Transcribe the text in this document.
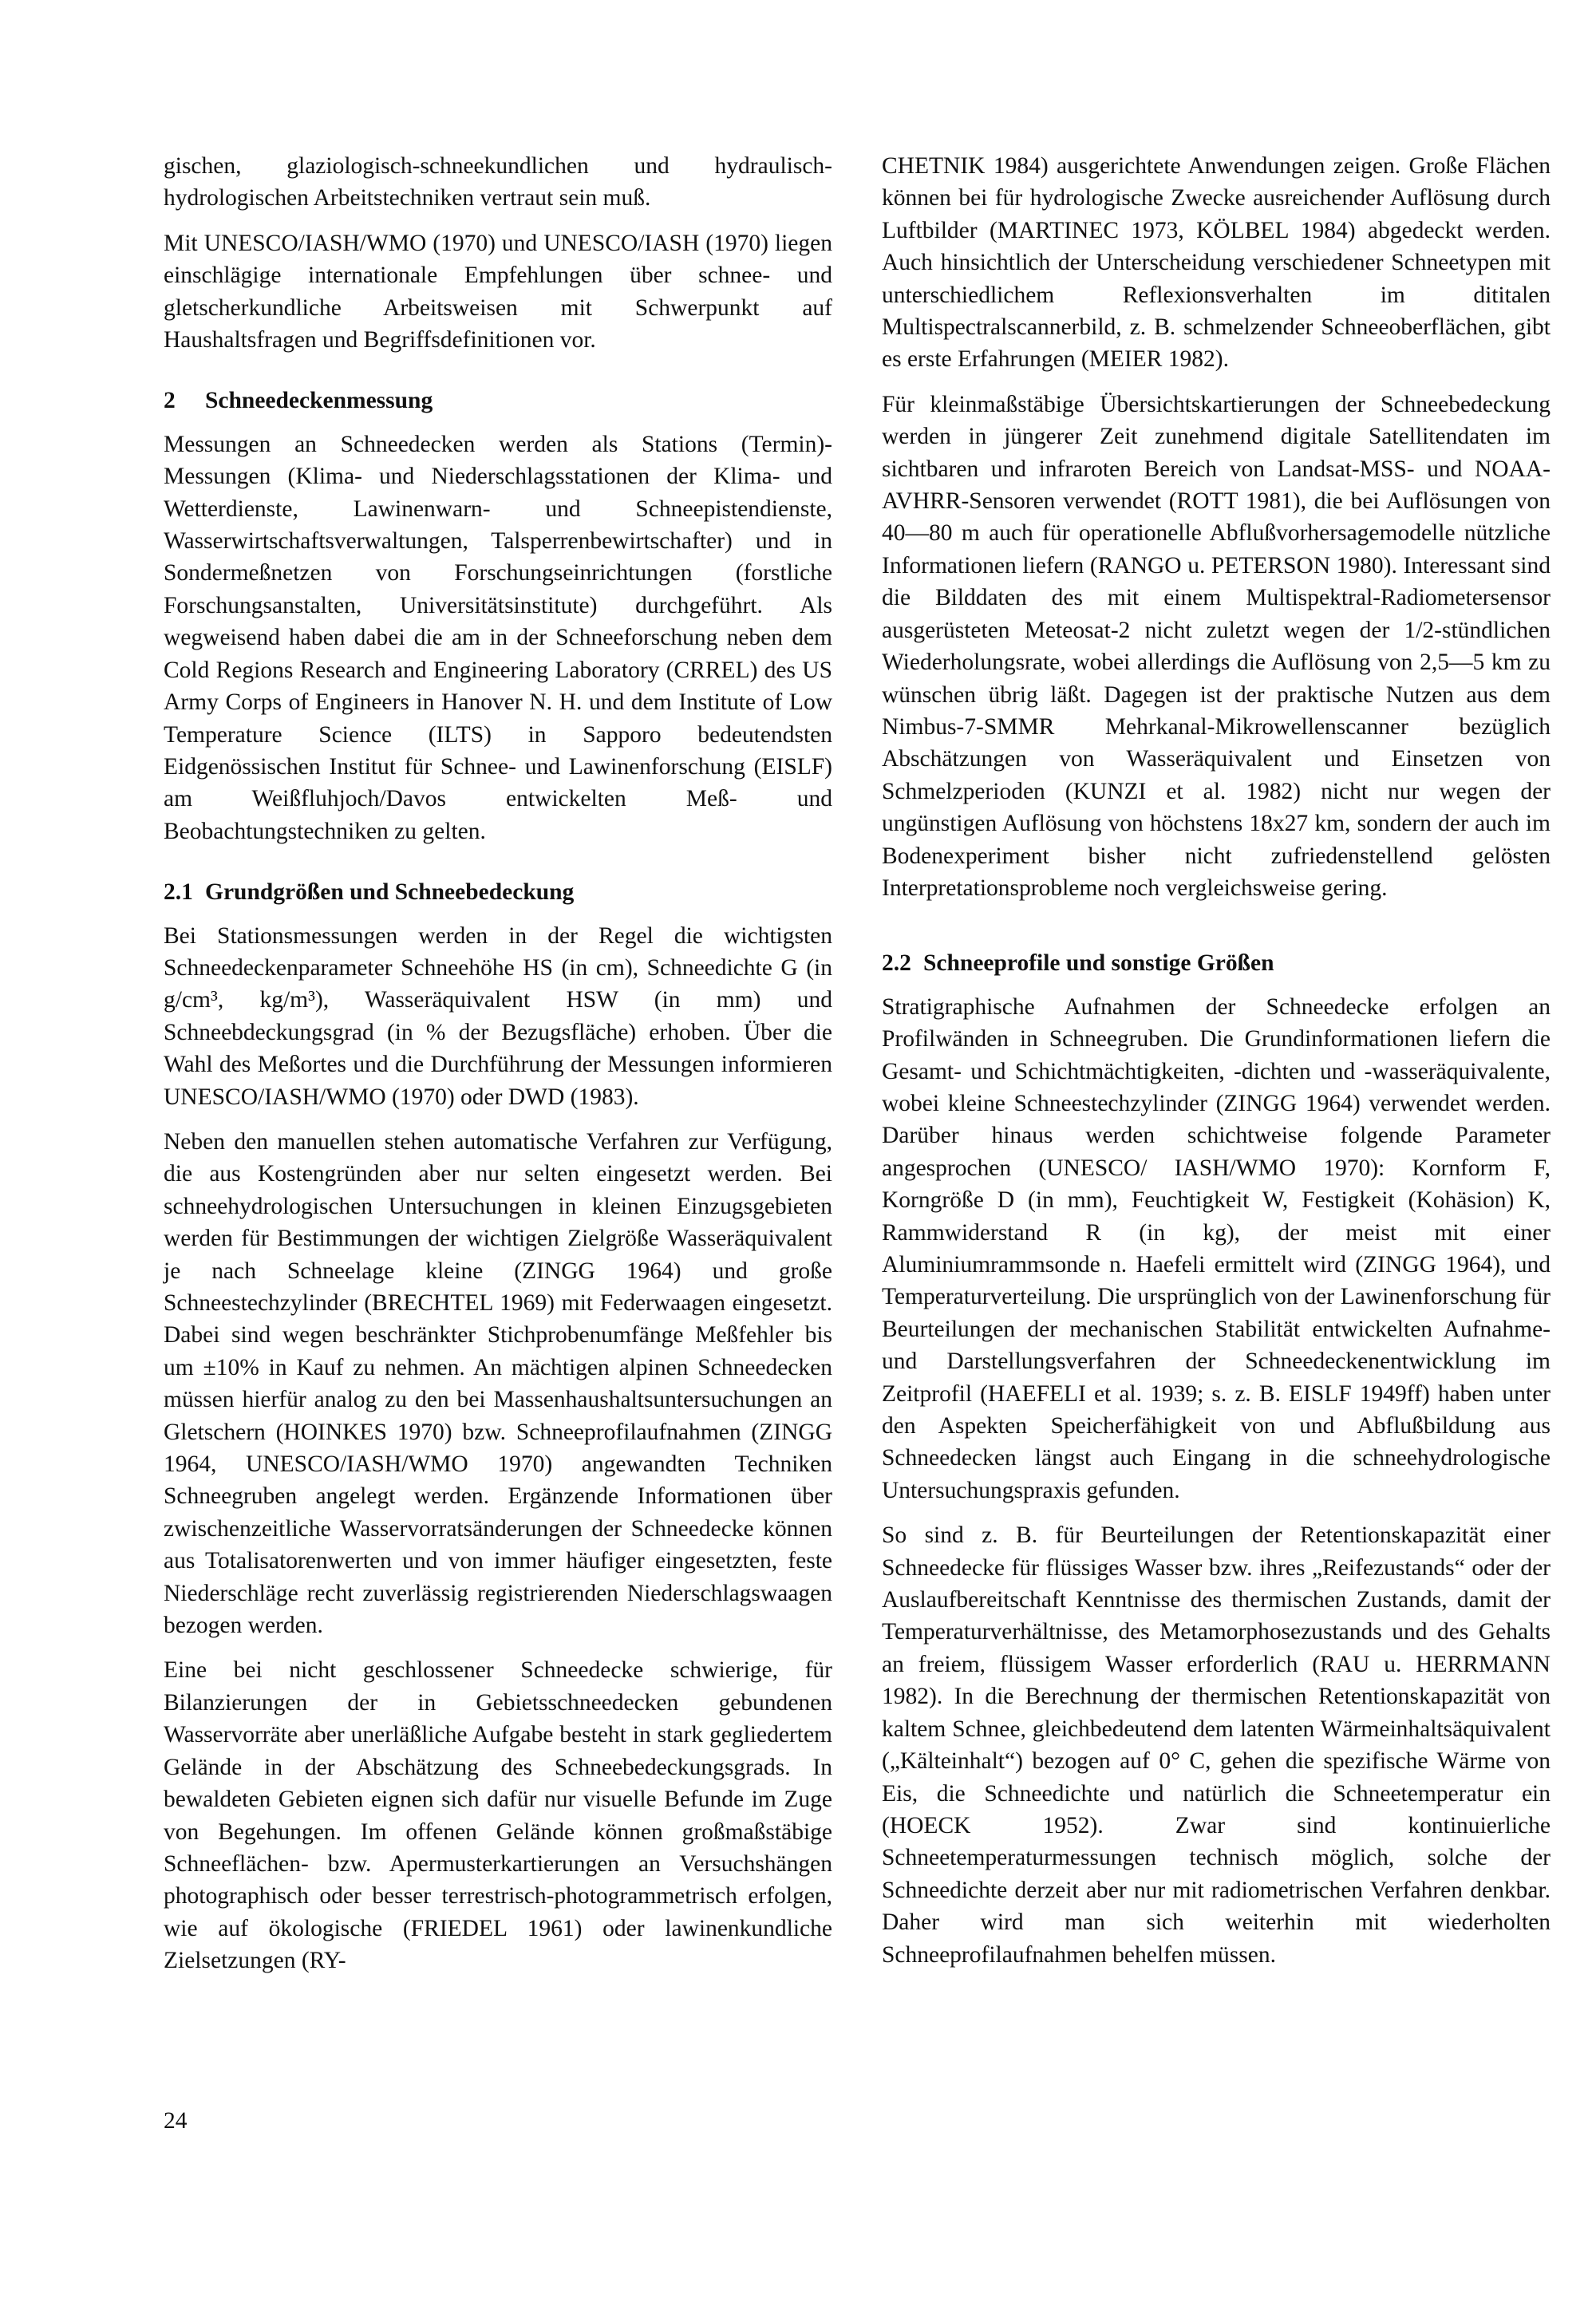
gischen, glaziologisch-schneekundlichen und hydraulisch-hydrologischen Arbeitstechniken vertraut sein muß.

Mit UNESCO/IASH/WMO (1970) und UNESCO/IASH (1970) liegen einschlägige internationale Empfehlungen über schnee- und gletscherkundliche Arbeitsweisen mit Schwerpunkt auf Haushaltsfragen und Begriffsdefinitionen vor.

2 Schneedeckenmessung

Messungen an Schneedecken werden als Stations (Termin)-Messungen (Klima- und Niederschlagsstationen der Klima- und Wetterdienste, Lawinenwarn- und Schneepistendienste, Wasserwirtschaftsverwaltungen, Talsperrenbewirtschafter) und in Sondermeßnetzen von Forschungseinrichtungen (forstliche Forschungsanstalten, Universitätsinstitute) durchgeführt. Als wegweisend haben dabei die am in der Schneeforschung neben dem Cold Regions Research and Engineering Laboratory (CRREL) des US Army Corps of Engineers in Hanover N. H. und dem Institute of Low Temperature Science (ILTS) in Sapporo bedeutendsten Eidgenössischen Institut für Schnee- und Lawinenforschung (EISLF) am Weißfluhjoch/Davos entwickelten Meß- und Beobachtungstechniken zu gelten.

2.1 Grundgrößen und Schneebedeckung

Bei Stationsmessungen werden in der Regel die wichtigsten Schneedeckenparameter Schneehöhe HS (in cm), Schneedichte G (in g/cm³, kg/m³), Wasseräquivalent HSW (in mm) und Schneebdeckungsgrad (in % der Bezugsfläche) erhoben. Über die Wahl des Meßortes und die Durchführung der Messungen informieren UNESCO/IASH/WMO (1970) oder DWD (1983).

Neben den manuellen stehen automatische Verfahren zur Verfügung, die aus Kostengründen aber nur selten eingesetzt werden. Bei schneehydrologischen Untersuchungen in kleinen Einzugsgebieten werden für Bestimmungen der wichtigen Zielgröße Wasseräquivalent je nach Schneelage kleine (ZINGG 1964) und große Schneestechzylinder (BRECHTEL 1969) mit Federwaagen eingesetzt. Dabei sind wegen beschränkter Stichprobenumfänge Meßfehler bis um ±10% in Kauf zu nehmen. An mächtigen alpinen Schneedecken müssen hierfür analog zu den bei Massenhaushaltsuntersuchungen an Gletschern (HOINKES 1970) bzw. Schneeprofilaufnahmen (ZINGG 1964, UNESCO/IASH/WMO 1970) angewandten Techniken Schneegruben angelegt werden. Ergänzende Informationen über zwischenzeitliche Wasservorratsänderungen der Schneedecke können aus Totalisatorenwerten und von immer häufiger eingesetzten, feste Niederschläge recht zuverlässig registrierenden Niederschlagswaagen bezogen werden.

Eine bei nicht geschlossener Schneedecke schwierige, für Bilanzierungen der in Gebietsschneedecken gebundenen Wasservorräte aber unerläßliche Aufgabe besteht in stark gegliedertem Gelände in der Abschätzung des Schneebedeckungsgrads. In bewaldeten Gebieten eignen sich dafür nur visuelle Befunde im Zuge von Begehungen. Im offenen Gelände können großmaßstäbige Schneeflächen- bzw. Apermusterkartierungen an Versuchshängen photographisch oder besser terrestrisch-photogrammetrisch erfolgen, wie auf ökologische (FRIEDEL 1961) oder lawinenkundliche Zielsetzungen (RY-

CHETNIK 1984) ausgerichtete Anwendungen zeigen. Große Flächen können bei für hydrologische Zwecke ausreichender Auflösung durch Luftbilder (MARTINEC 1973, KÖLBEL 1984) abgedeckt werden. Auch hinsichtlich der Unterscheidung verschiedener Schneetypen mit unterschiedlichem Reflexionsverhalten im dititalen Multispectralscannerbild, z. B. schmelzender Schneeoberflächen, gibt es erste Erfahrungen (MEIER 1982).

Für kleinmaßstäbige Übersichtskartierungen der Schneebedeckung werden in jüngerer Zeit zunehmend digitale Satellitendaten im sichtbaren und infraroten Bereich von Landsat-MSS- und NOAA-AVHRR-Sensoren verwendet (ROTT 1981), die bei Auflösungen von 40—80 m auch für operationelle Abflußvorhersagemodelle nützliche Informationen liefern (RANGO u. PETERSON 1980). Interessant sind die Bilddaten des mit einem Multispektral-Radiometersensor ausgerüsteten Meteosat-2 nicht zuletzt wegen der 1/2-stündlichen Wiederholungsrate, wobei allerdings die Auflösung von 2,5—5 km zu wünschen übrig läßt. Dagegen ist der praktische Nutzen aus dem Nimbus-7-SMMR Mehrkanal-Mikrowellenscanner bezüglich Abschätzungen von Wasseräquivalent und Einsetzen von Schmelzperioden (KUNZI et al. 1982) nicht nur wegen der ungünstigen Auflösung von höchstens 18x27 km, sondern der auch im Bodenexperiment bisher nicht zufriedenstellend gelösten Interpretationsprobleme noch vergleichsweise gering.

2.2 Schneeprofile und sonstige Größen

Stratigraphische Aufnahmen der Schneedecke erfolgen an Profilwänden in Schneegruben. Die Grundinformationen liefern die Gesamt- und Schichtmächtigkeiten, -dichten und -wasseräquivalente, wobei kleine Schneestechzylinder (ZINGG 1964) verwendet werden. Darüber hinaus werden schichtweise folgende Parameter angesprochen (UNESCO/ IASH/WMO 1970): Kornform F, Korngröße D (in mm), Feuchtigkeit W, Festigkeit (Kohäsion) K, Rammwiderstand R (in kg), der meist mit einer Aluminiumrammsonde n. Haefeli ermittelt wird (ZINGG 1964), und Temperaturverteilung. Die ursprünglich von der Lawinenforschung für Beurteilungen der mechanischen Stabilität entwickelten Aufnahme- und Darstellungsverfahren der Schneedeckenentwicklung im Zeitprofil (HAEFELI et al. 1939; s. z. B. EISLF 1949ff) haben unter den Aspekten Speicherfähigkeit von und Abflußbildung aus Schneedecken längst auch Eingang in die schneehydrologische Untersuchungspraxis gefunden.

So sind z. B. für Beurteilungen der Retentionskapazität einer Schneedecke für flüssiges Wasser bzw. ihres „Reifezustands“ oder der Auslaufbereitschaft Kenntnisse des thermischen Zustands, damit der Temperaturverhältnisse, des Metamorphosezustands und des Gehalts an freiem, flüssigem Wasser erforderlich (RAU u. HERRMANN 1982). In die Berechnung der thermischen Retentionskapazität von kaltem Schnee, gleichbedeutend dem latenten Wärmeinhaltsäquivalent („Kälteinhalt“) bezogen auf 0° C, gehen die spezifische Wärme von Eis, die Schneedichte und natürlich die Schneetemperatur ein (HOECK 1952). Zwar sind kontinuierliche Schneetemperaturmessungen technisch möglich, solche der Schneedichte derzeit aber nur mit radiometrischen Verfahren denkbar. Daher wird man sich weiterhin mit wiederholten Schneeprofilaufnahmen behelfen müssen.

24
